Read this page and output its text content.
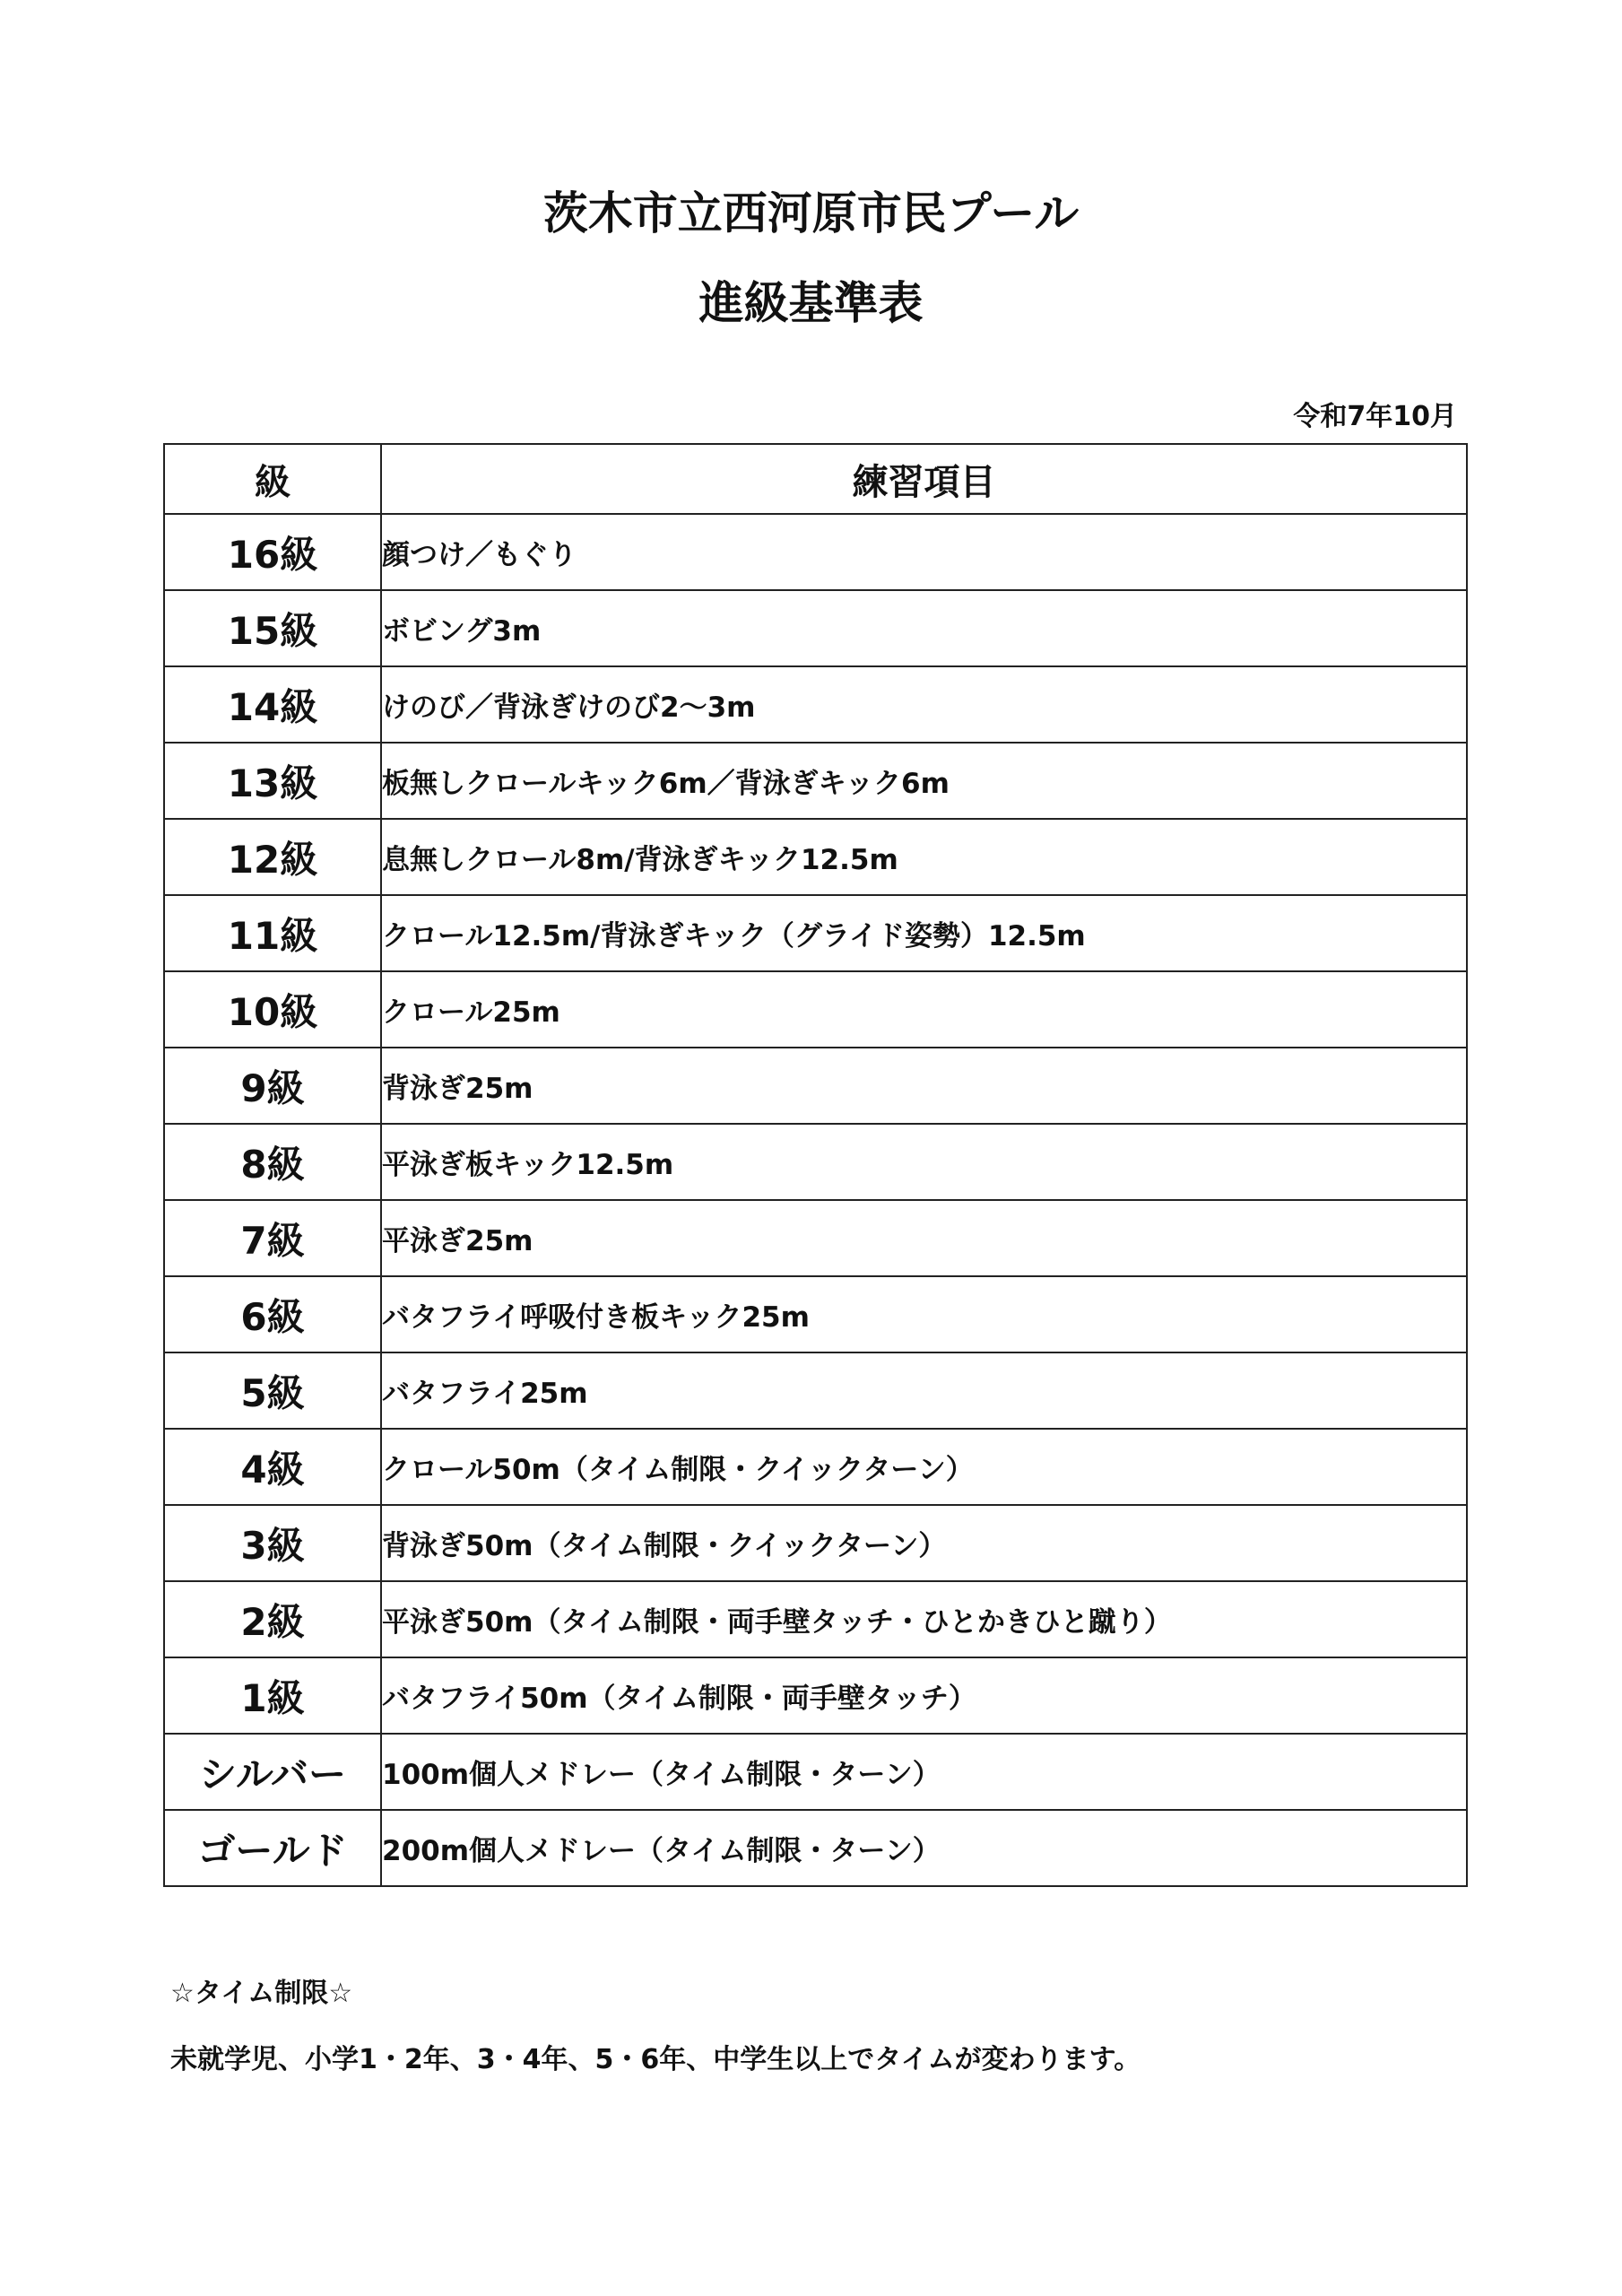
茨木市立西河原市民プール
進級基準表
令和7年10月
級	練習項目
16級	顔つけ／もぐり
15級	ボビング3m
14級	けのび／背泳ぎけのび2～3m
13級	板無しクロールキック6m／背泳ぎキック6m
12級	息無しクロール8m/背泳ぎキック12.5m
11級	クロール12.5m/背泳ぎキック（グライド姿勢）12.5m
10級	クロール25m
9級	背泳ぎ25m
8級	平泳ぎ板キック12.5m
7級	平泳ぎ25m
6級	バタフライ呼吸付き板キック25m
5級	バタフライ25m
4級	クロール50m（タイム制限・クイックターン）
3級	背泳ぎ50m（タイム制限・クイックターン）
2級	平泳ぎ50m（タイム制限・両手壁タッチ・ひとかきひと蹴り）
1級	バタフライ50m（タイム制限・両手壁タッチ）
シルバー	100m個人メドレー（タイム制限・ターン）
ゴールド	200m個人メドレー（タイム制限・ターン）
☆タイム制限☆
未就学児、小学1・2年、3・4年、5・6年、中学生以上でタイムが変わります。
